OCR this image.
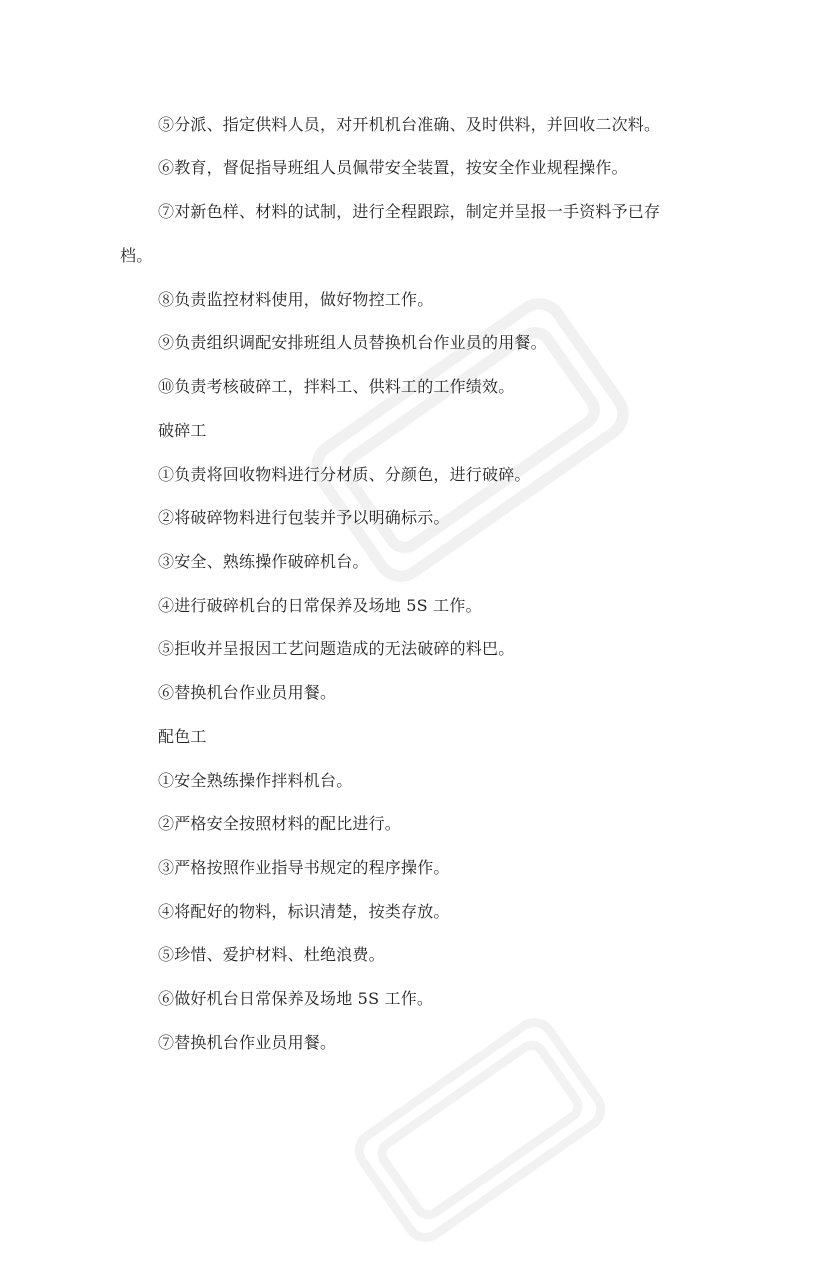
⑤分派、指定供料人员，对开机机台准确、及时供料，并回收二次料。
⑥教育，督促指导班组人员佩带安全装置，按安全作业规程操作。
⑦对新色样、材料的试制，进行全程跟踪，制定并呈报一手资料予已存
档。
⑧负责监控材料使用，做好物控工作。
⑨负责组织调配安排班组人员替换机台作业员的用餐。
⑩负责考核破碎工，拌料工、供料工的工作绩效。
破碎工
①负责将回收物料进行分材质、分颜色，进行破碎。
②将破碎物料进行包装并予以明确标示。
③安全、熟练操作破碎机台。
④进行破碎机台的日常保养及场地 5S 工作。
⑤拒收并呈报因工艺问题造成的无法破碎的料巴。
⑥替换机台作业员用餐。
配色工
①安全熟练操作拌料机台。
②严格安全按照材料的配比进行。
③严格按照作业指导书规定的程序操作。
④将配好的物料，标识清楚，按类存放。
⑤珍惜、爱护材料、杜绝浪费。
⑥做好机台日常保养及场地 5S 工作。
⑦替换机台作业员用餐。
